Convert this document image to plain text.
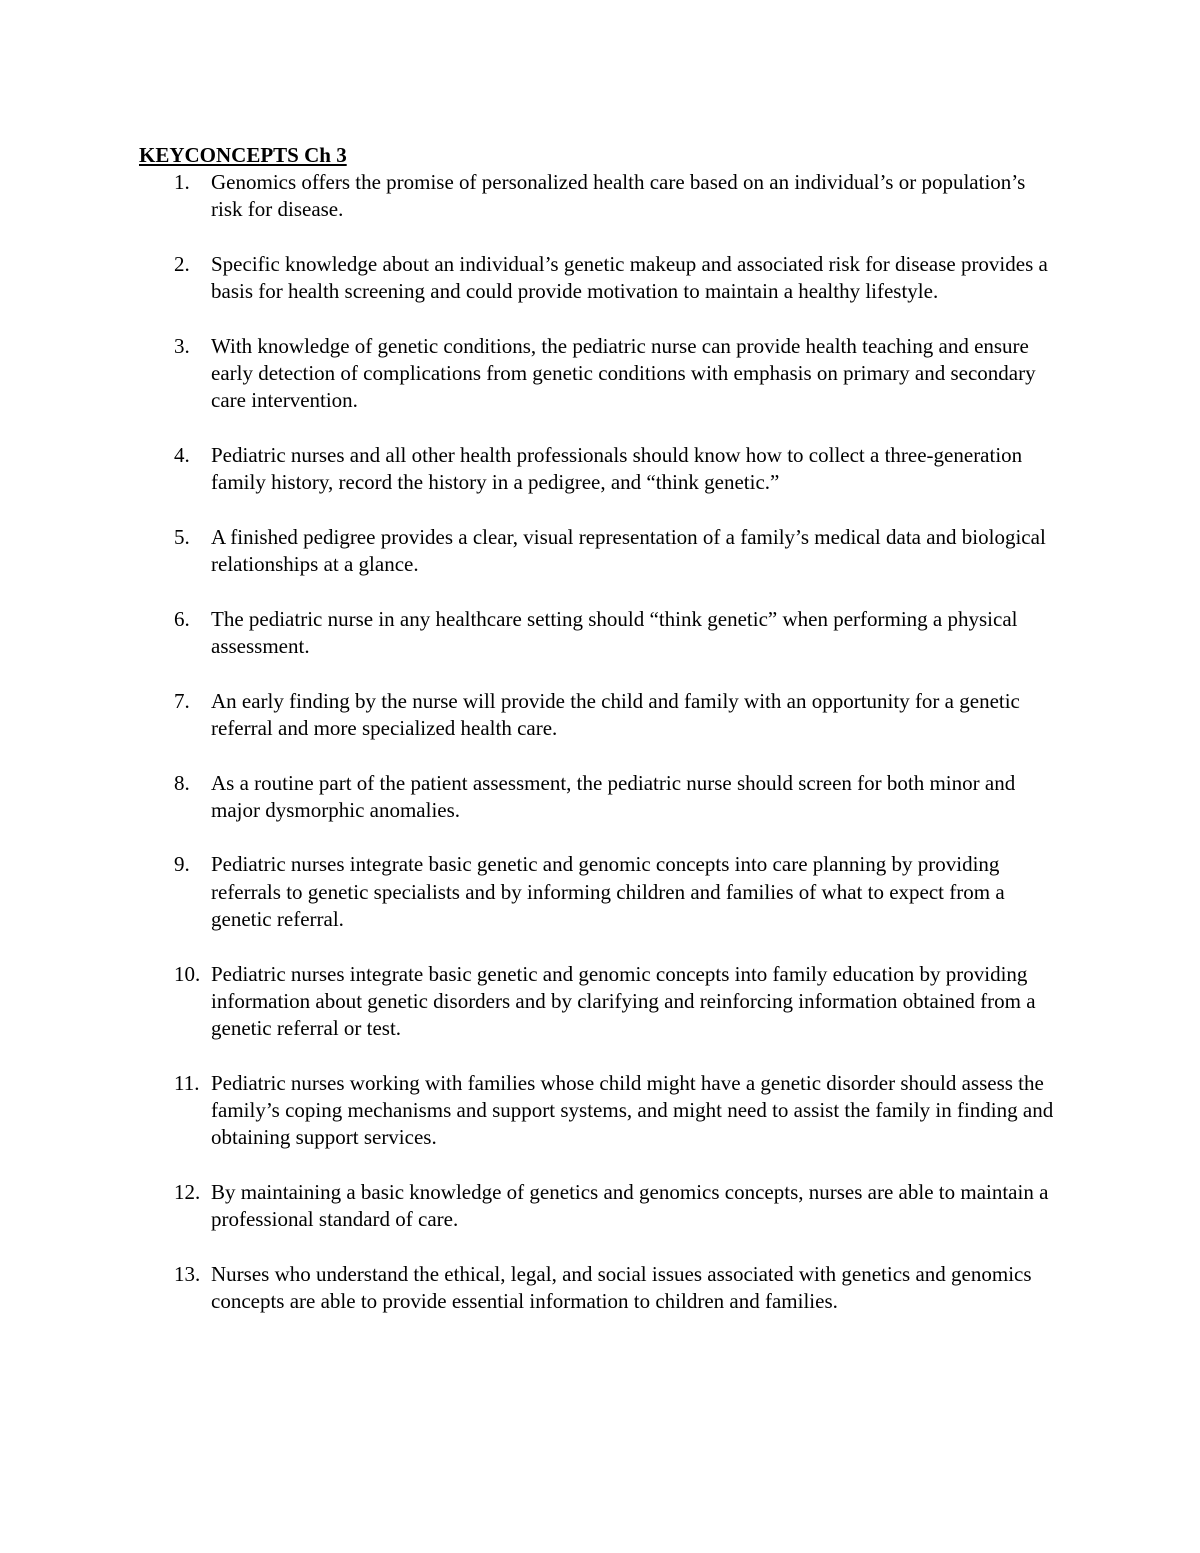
KEYCONCEPTS Ch 3
1.	Genomics offers the promise of personalized health care based on an individual’s or population’s risk for disease.
2.	Specific knowledge about an individual’s genetic makeup and associated risk for disease provides a basis for health screening and could provide motivation to maintain a healthy lifestyle.
3.	With knowledge of genetic conditions, the pediatric nurse can provide health teaching and ensure early detection of complications from genetic conditions with emphasis on primary and secondary care intervention.
4.	Pediatric nurses and all other health professionals should know how to collect a three-generation family history, record the history in a pedigree, and “think genetic.”
5.	A finished pedigree provides a clear, visual representation of a family’s medical data and biological relationships at a glance.
6.	The pediatric nurse in any healthcare setting should “think genetic” when performing a physical assessment.
7.	An early finding by the nurse will provide the child and family with an opportunity for a genetic referral and more specialized health care.
8.	As a routine part of the patient assessment, the pediatric nurse should screen for both minor and major dysmorphic anomalies.
9.	Pediatric nurses integrate basic genetic and genomic concepts into care planning by providing referrals to genetic specialists and by informing children and families of what to expect from a genetic referral.
10. Pediatric nurses integrate basic genetic and genomic concepts into family education by providing information about genetic disorders and by clarifying and reinforcing information obtained from a genetic referral or test.
11. Pediatric nurses working with families whose child might have a genetic disorder should assess the family’s coping mechanisms and support systems, and might need to assist the family in finding and obtaining support services.
12. By maintaining a basic knowledge of genetics and genomics concepts, nurses are able to maintain a professional standard of care.
13. Nurses who understand the ethical, legal, and social issues associated with genetics and genomics concepts are able to provide essential information to children and families.
